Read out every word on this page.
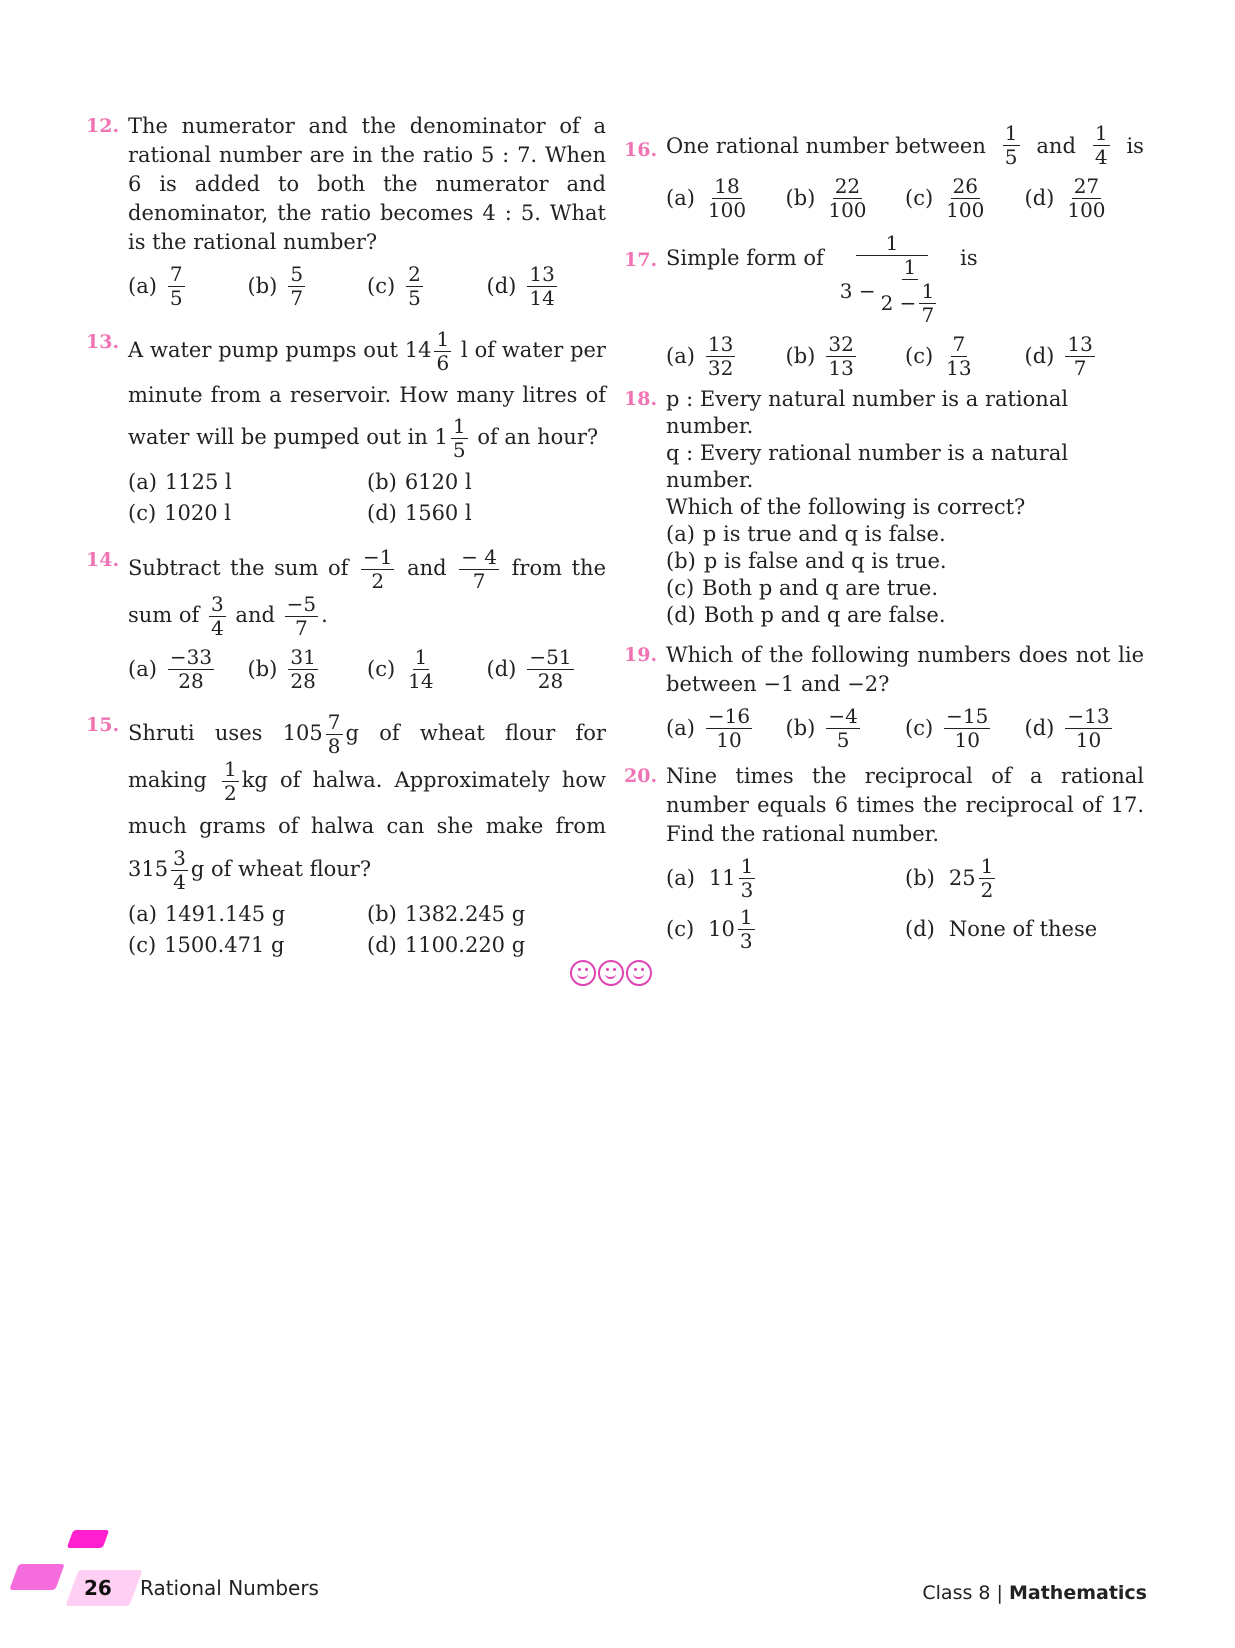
12. The numerator and the denominator of a rational number are in the ratio 5 : 7. When 6 is added to both the numerator and denominator, the ratio becomes 4 : 5. What is the rational number?
$(a) \frac{7}{5}$	$(b) \frac{5}{7}$	$(c) \frac{2}{5}$	$(d) \frac{13}{14}$
13. A water pump pumps out $14 \frac{1}{6}$ l of water per minute from a reservoir. How many litres of water will be pumped out in $1 \frac{1}{5}$ of an hour?
(a) 1125 l	(b) 6120 l
(c) 1020 l	(d) 1560 l
14. Subtract the sum of $\frac{-1}{2}$ and $\frac{- 4}{7}$ from the sum of $\frac{3}{4}$ and $\frac{-5}{7}$ .
$(a) \frac{-33}{28} (b) \frac{31}{28} (c) \frac{1}{14} (d) \frac{-51}{28}$
15. Shruti uses $105 \frac{7}{8}$ g of wheat flour for making $\frac{1}{2}$ kg of halwa. Approximately how much grams of halwa can she make from $315 \frac{3}{4}$ g of wheat flour?
(a) 1491.145 g	(b) 1382.245 g
(c) 1500.471 g	(d) 1100.220 g
16. One rational number between $\frac{1}{5}$ and $\frac{1}{4}$ is
$(a) \frac{18}{100} (b) \frac{22}{100} (c) \frac{26}{100} (d) \frac{27}{100}$
17. Simple form of
1
$3 - \frac{1}{2 - \frac{1}{7}}$ is
$(a) \frac{13}{32} (b) \frac{32}{13} (c) \frac{7}{13} (d) \frac{13}{7}$
18. p : Every natural number is a rational number.
q : Every rational number is a natural number.
Which of the following is correct?
(a) p is true and q is false.
(b) p is false and q is true.
(c) Both p and q are true.
(d) Both p and q are false.
19. Which of the following numbers does not lie between −1 and −2?
$(a) \frac{-16}{10} (b) \frac{-4}{5} (c) \frac{-15}{10} (d) \frac{-13}{10}$
20. Nine times the reciprocal of a rational number equals 6 times the reciprocal of 17. Find the rational number.
(a) $11 \frac{1}{3}$	(b) $25 \frac{1}{2}$
(c) $10 \frac{1}{3}$	(d) None of these
26 Rational Numbers	Class 8 | Mathematics
